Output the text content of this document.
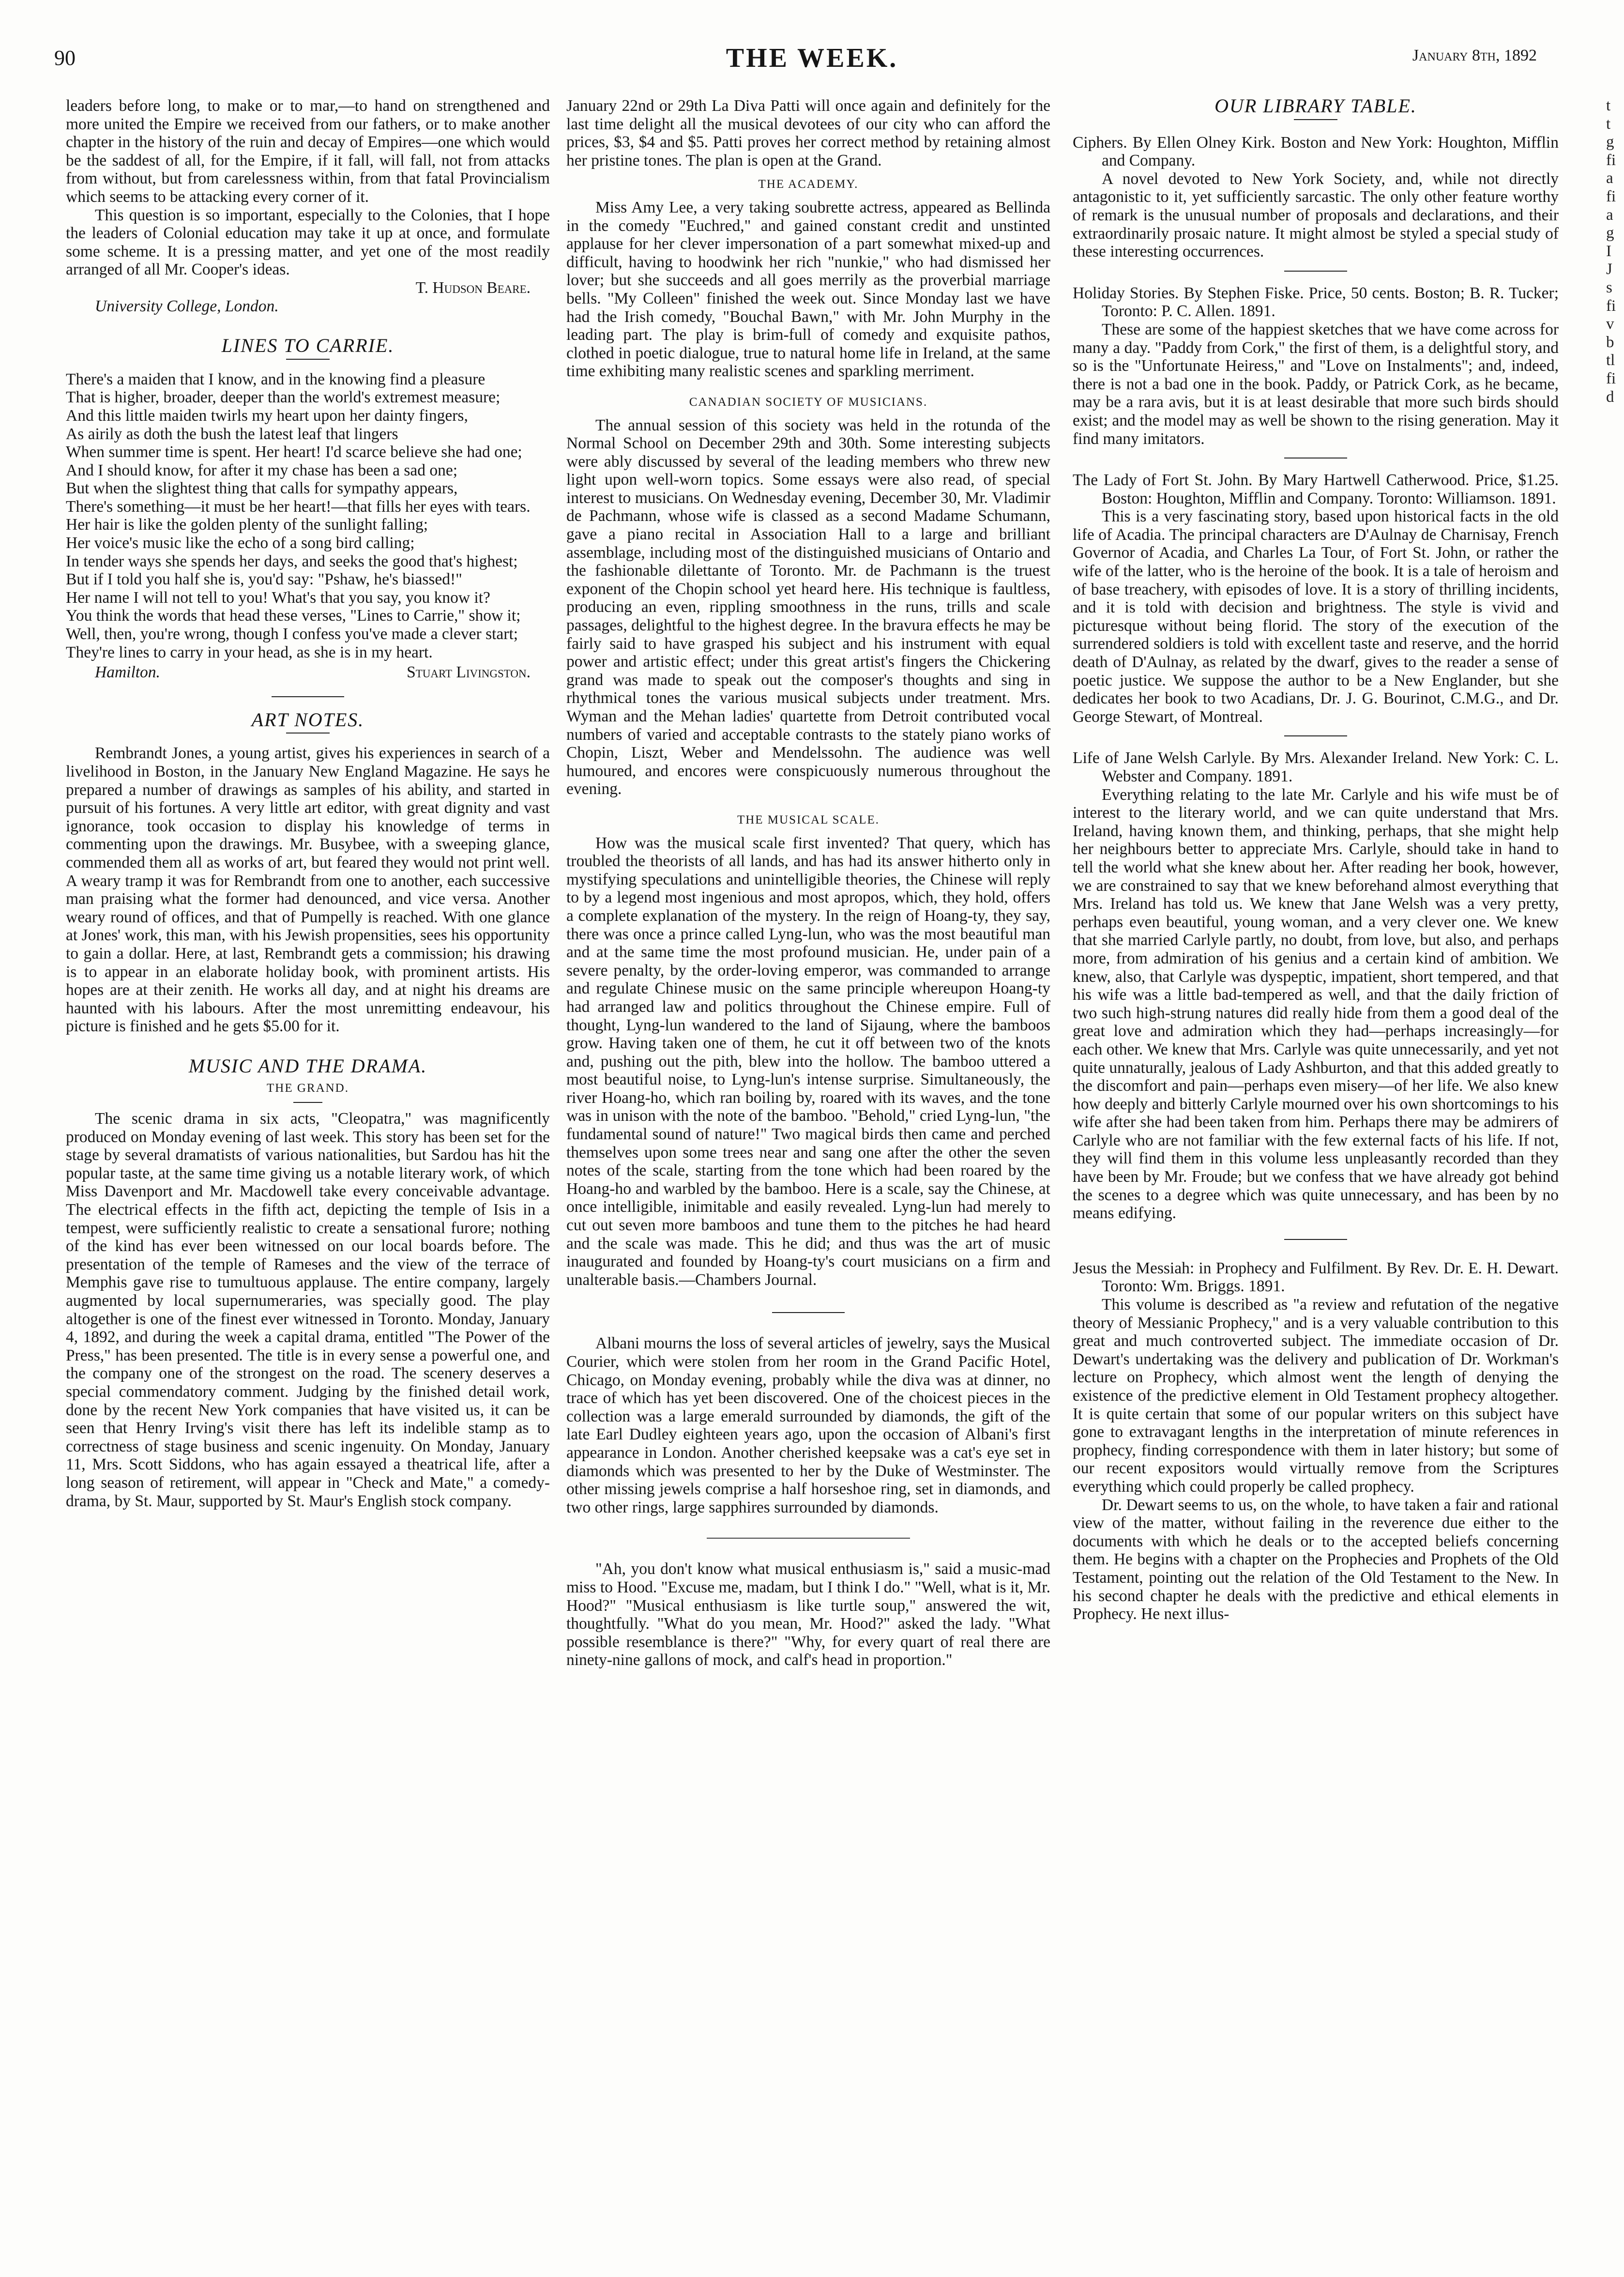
90	THE WEEK.	January 8th, 1892

leaders before long, to make or to mar,—to hand on strengthened and more united the Empire we received from our fathers, or to make another chapter in the history of the ruin and decay of Empires—one which would be the saddest of all, for the Empire, if it fall, will fall, not from attacks from without, but from carelessness within, from that fatal Provincialism which seems to be attacking every corner of it.

This question is so important, especially to the Colonies, that I hope the leaders of Colonial education may take it up at once, and formulate some scheme. It is a pressing matter, and yet one of the most readily arranged of all Mr. Cooper's ideas.

T. Hudson Beare.

University College, London.

LINES TO CARRIE.
There's a maiden that I know, and in the knowing find a pleasure
That is higher, broader, deeper than the world's extremest measure;
And this little maiden twirls my heart upon her dainty fingers,
As airily as doth the bush the latest leaf that lingers
When summer time is spent. Her heart! I'd scarce believe she had one;
And I should know, for after it my chase has been a sad one;
But when the slightest thing that calls for sympathy appears,
There's something—it must be her heart!—that fills her eyes with tears.
Her hair is like the golden plenty of the sunlight falling;
Her voice's music like the echo of a song bird calling;
In tender ways she spends her days, and seeks the good that's highest;
But if I told you half she is, you'd say: "Pshaw, he's biassed!"
Her name I will not tell to you! What's that you say, you know it?
You think the words that head these verses, "Lines to Carrie," show it;
Well, then, you're wrong, though I confess you've made a clever start;
They're lines to carry in your head, as she is in my heart.
Hamilton.	Stuart Livingston.
ART NOTES.

Rembrandt Jones, a young artist, gives his experiences in search of a livelihood in Boston, in the January New England Magazine. He says he prepared a number of drawings as samples of his ability, and started in pursuit of his fortunes. A very little art editor, with great dignity and vast ignorance, took occasion to display his knowledge of terms in commenting upon the drawings. Mr. Busybee, with a sweeping glance, commended them all as works of art, but feared they would not print well. A weary tramp it was for Rembrandt from one to another, each successive man praising what the former had denounced, and vice versa. Another weary round of offices, and that of Pumpelly is reached. With one glance at Jones' work, this man, with his Jewish propensities, sees his opportunity to gain a dollar. Here, at last, Rembrandt gets a commission; his drawing is to appear in an elaborate holiday book, with prominent artists. His hopes are at their zenith. He works all day, and at night his dreams are haunted with his labours. After the most unremitting endeavour, his picture is finished and he gets $5.00 for it.

MUSIC AND THE DRAMA.
THE GRAND.

The scenic drama in six acts, "Cleopatra," was magnificently produced on Monday evening of last week. This story has been set for the stage by several dramatists of various nationalities, but Sardou has hit the popular taste, at the same time giving us a notable literary work, of which Miss Davenport and Mr. Macdowell take every conceivable advantage. The electrical effects in the fifth act, depicting the temple of Isis in a tempest, were sufficiently realistic to create a sensational furore; nothing of the kind has ever been witnessed on our local boards before. The presentation of the temple of Rameses and the view of the terrace of Memphis gave rise to tumultuous applause. The entire company, largely augmented by local supernumeraries, was specially good. The play altogether is one of the finest ever witnessed in Toronto. Monday, January 4, 1892, and during the week a capital drama, entitled "The Power of the Press," has been presented. The title is in every sense a powerful one, and the company one of the strongest on the road. The scenery deserves a special commendatory comment. Judging by the finished detail work, done by the recent New York companies that have visited us, it can be seen that Henry Irving's visit there has left its indelible stamp as to correctness of stage business and scenic ingenuity. On Monday, January 11, Mrs. Scott Siddons, who has again essayed a theatrical life, after a long season of retirement, will appear in "Check and Mate," a comedy-drama, by St. Maur, supported by St. Maur's English stock company.

January 22nd or 29th La Diva Patti will once again and definitely for the last time delight all the musical devotees of our city who can afford the prices, $3, $4 and $5. Patti proves her correct method by retaining almost her pristine tones. The plan is open at the Grand.

THE ACADEMY.

Miss Amy Lee, a very taking soubrette actress, appeared as Bellinda in the comedy "Euchred," and gained constant credit and unstinted applause for her clever impersonation of a part somewhat mixed-up and difficult, having to hoodwink her rich "nunkie," who had dismissed her lover; but she succeeds and all goes merrily as the proverbial marriage bells. "My Colleen" finished the week out. Since Monday last we have had the Irish comedy, "Bouchal Bawn," with Mr. John Murphy in the leading part. The play is brim-full of comedy and exquisite pathos, clothed in poetic dialogue, true to natural home life in Ireland, at the same time exhibiting many realistic scenes and sparkling merriment.

CANADIAN SOCIETY OF MUSICIANS.

The annual session of this society was held in the rotunda of the Normal School on December 29th and 30th. Some interesting subjects were ably discussed by several of the leading members who threw new light upon well-worn topics. Some essays were also read, of special interest to musicians. On Wednesday evening, December 30, Mr. Vladimir de Pachmann, whose wife is classed as a second Madame Schumann, gave a piano recital in Association Hall to a large and brilliant assemblage, including most of the distinguished musicians of Ontario and the fashionable dilettante of Toronto. Mr. de Pachmann is the truest exponent of the Chopin school yet heard here. His technique is faultless, producing an even, rippling smoothness in the runs, trills and scale passages, delightful to the highest degree. In the bravura effects he may be fairly said to have grasped his subject and his instrument with equal power and artistic effect; under this great artist's fingers the Chickering grand was made to speak out the composer's thoughts and sing in rhythmical tones the various musical subjects under treatment. Mrs. Wyman and the Mehan ladies' quartette from Detroit contributed vocal numbers of varied and acceptable contrasts to the stately piano works of Chopin, Liszt, Weber and Mendelssohn. The audience was well humoured, and encores were conspicuously numerous throughout the evening.

THE MUSICAL SCALE.

How was the musical scale first invented? That query, which has troubled the theorists of all lands, and has had its answer hitherto only in mystifying speculations and unintelligible theories, the Chinese will reply to by a legend most ingenious and most apropos, which, they hold, offers a complete explanation of the mystery. In the reign of Hoang-ty, they say, there was once a prince called Lyng-lun, who was the most beautiful man and at the same time the most profound musician. He, under pain of a severe penalty, by the order-loving emperor, was commanded to arrange and regulate Chinese music on the same principle whereupon Hoang-ty had arranged law and politics throughout the Chinese empire. Full of thought, Lyng-lun wandered to the land of Sijaung, where the bamboos grow. Having taken one of them, he cut it off between two of the knots and, pushing out the pith, blew into the hollow. The bamboo uttered a most beautiful noise, to Lyng-lun's intense surprise. Simultaneously, the river Hoang-ho, which ran boiling by, roared with its waves, and the tone was in unison with the note of the bamboo. "Behold," cried Lyng-lun, "the fundamental sound of nature!" Two magical birds then came and perched themselves upon some trees near and sang one after the other the seven notes of the scale, starting from the tone which had been roared by the Hoang-ho and warbled by the bamboo. Here is a scale, say the Chinese, at once intelligible, inimitable and easily revealed. Lyng-lun had merely to cut out seven more bamboos and tune them to the pitches he had heard and the scale was made. This he did; and thus was the art of music inaugurated and founded by Hoang-ty's court musicians on a firm and unalterable basis.—Chambers Journal.

Albani mourns the loss of several articles of jewelry, says the Musical Courier, which were stolen from her room in the Grand Pacific Hotel, Chicago, on Monday evening, probably while the diva was at dinner, no trace of which has yet been discovered. One of the choicest pieces in the collection was a large emerald surrounded by diamonds, the gift of the late Earl Dudley eighteen years ago, upon the occasion of Albani's first appearance in London. Another cherished keepsake was a cat's eye set in diamonds which was presented to her by the Duke of Westminster. The other missing jewels comprise a half horseshoe ring, set in diamonds, and two other rings, large sapphires surrounded by diamonds.

"Ah, you don't know what musical enthusiasm is," said a music-mad miss to Hood. "Excuse me, madam, but I think I do." "Well, what is it, Mr. Hood?" "Musical enthusiasm is like turtle soup," answered the wit, thoughtfully. "What do you mean, Mr. Hood?" asked the lady. "What possible resemblance is there?" "Why, for every quart of real there are ninety-nine gallons of mock, and calf's head in proportion."

OUR LIBRARY TABLE.
Ciphers. By Ellen Olney Kirk. Boston and New York: Houghton, Mifflin and Company.

A novel devoted to New York Society, and, while not directly antagonistic to it, yet sufficiently sarcastic. The only other feature worthy of remark is the unusual number of proposals and declarations, and their extraordinarily prosaic nature. It might almost be styled a special study of these interesting occurrences.

Holiday Stories. By Stephen Fiske. Price, 50 cents. Boston; B. R. Tucker; Toronto: P. C. Allen. 1891.

These are some of the happiest sketches that we have come across for many a day. "Paddy from Cork," the first of them, is a delightful story, and so is the "Unfortunate Heiress," and "Love on Instalments"; and, indeed, there is not a bad one in the book. Paddy, or Patrick Cork, as he became, may be a rara avis, but it is at least desirable that more such birds should exist; and the model may as well be shown to the rising generation. May it find many imitators.

The Lady of Fort St. John. By Mary Hartwell Catherwood. Price, $1.25. Boston: Houghton, Mifflin and Company. Toronto: Williamson. 1891.

This is a very fascinating story, based upon historical facts in the old life of Acadia. The principal characters are D'Aulnay de Charnisay, French Governor of Acadia, and Charles La Tour, of Fort St. John, or rather the wife of the latter, who is the heroine of the book. It is a tale of heroism and of base treachery, with episodes of love. It is a story of thrilling incidents, and it is told with decision and brightness. The style is vivid and picturesque without being florid. The story of the execution of the surrendered soldiers is told with excellent taste and reserve, and the horrid death of D'Aulnay, as related by the dwarf, gives to the reader a sense of poetic justice. We suppose the author to be a New Englander, but she dedicates her book to two Acadians, Dr. J. G. Bourinot, C.M.G., and Dr. George Stewart, of Montreal.

Life of Jane Welsh Carlyle. By Mrs. Alexander Ireland. New York: C. L. Webster and Company. 1891.

Everything relating to the late Mr. Carlyle and his wife must be of interest to the literary world, and we can quite understand that Mrs. Ireland, having known them, and thinking, perhaps, that she might help her neighbours better to appreciate Mrs. Carlyle, should take in hand to tell the world what she knew about her. After reading her book, however, we are constrained to say that we knew beforehand almost everything that Mrs. Ireland has told us. We knew that Jane Welsh was a very pretty, perhaps even beautiful, young woman, and a very clever one. We knew that she married Carlyle partly, no doubt, from love, but also, and perhaps more, from admiration of his genius and a certain kind of ambition. We knew, also, that Carlyle was dyspeptic, impatient, short tempered, and that his wife was a little bad-tempered as well, and that the daily friction of two such high-strung natures did really hide from them a good deal of the great love and admiration which they had—perhaps increasingly—for each other. We knew that Mrs. Carlyle was quite unnecessarily, and yet not quite unnaturally, jealous of Lady Ashburton, and that this added greatly to the discomfort and pain—perhaps even misery—of her life. We also knew how deeply and bitterly Carlyle mourned over his own shortcomings to his wife after she had been taken from him. Perhaps there may be admirers of Carlyle who are not familiar with the few external facts of his life. If not, they will find them in this volume less unpleasantly recorded than they have been by Mr. Froude; but we confess that we have already got behind the scenes to a degree which was quite unnecessary, and has been by no means edifying.

Jesus the Messiah: in Prophecy and Fulfilment. By Rev. Dr. E. H. Dewart. Toronto: Wm. Briggs. 1891.

This volume is described as "a review and refutation of the negative theory of Messianic Prophecy," and is a very valuable contribution to this great and much controverted subject. The immediate occasion of Dr. Dewart's undertaking was the delivery and publication of Dr. Workman's lecture on Prophecy, which almost went the length of denying the existence of the predictive element in Old Testament prophecy altogether. It is quite certain that some of our popular writers on this subject have gone to extravagant lengths in the interpretation of minute references in prophecy, finding correspondence with them in later history; but some of our recent expositors would virtually remove from the Scriptures everything which could properly be called prophecy.

Dr. Dewart seems to us, on the whole, to have taken a fair and rational view of the matter, without failing in the reverence due either to the documents with which he deals or to the accepted beliefs concerning them. He begins with a chapter on the Prophecies and Prophets of the Old Testament, pointing out the relation of the Old Testament to the New. In his second chapter he deals with the predictive and ethical elements in Prophecy. He next illus-

t
t
g
fi
a
fi
a
g
I
J
s
fi
v
b
tl
fi
d
